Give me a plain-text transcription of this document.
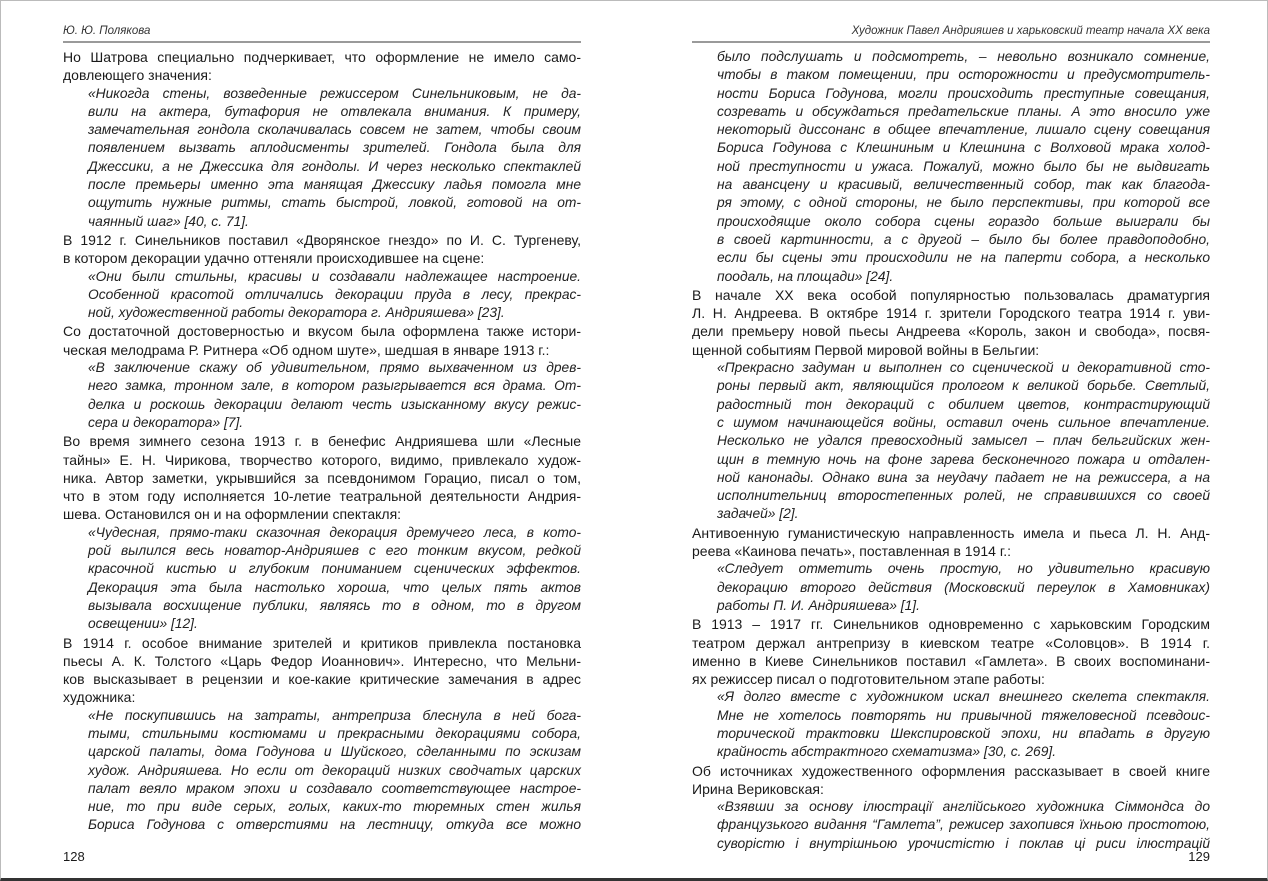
Ю. Ю. Полякова
Но Шатрова специально подчеркивает, что оформление не имело само-
довлеющего значения:
«Никогда стены, возведенные режиссером Синельниковым, не да-
вили на актера, бутафория не отвлекала внимания. К примеру,
замечательная гондола сколачивалась совсем не затем, чтобы своим
появлением вызвать аплодисменты зрителей. Гондола была для
Джессики, а не Джессика для гондолы. И через несколько спектаклей
после премьеры именно эта манящая Джессику ладья помогла мне
ощутить нужные ритмы, стать быстрой, ловкой, готовой на от-
чаянный шаг» [40, с. 71].
В 1912 г. Синельников поставил «Дворянское гнездо» по И. С. Тургеневу,
в котором декорации удачно оттеняли происходившее на сцене:
«Они были стильны, красивы и создавали надлежащее настроение.
Особенной красотой отличались декорации пруда в лесу, прекрас-
ной, художественной работы декоратора г. Андрияшева» [23].
Со достаточной достоверностью и вкусом была оформлена также истори-
ческая мелодрама Р. Ритнера «Об одном шуте», шедшая в январе 1913 г.:
«В заключение скажу об удивительном, прямо выхваченном из древ-
него замка, тронном зале, в котором разыгрывается вся драма. От-
делка и роскошь декорации делают честь изысканному вкусу режис-
сера и декоратора» [7].
Во время зимнего сезона 1913 г. в бенефис Андрияшева шли «Лесные
тайны» Е. Н. Чирикова, творчество которого, видимо, привлекало худож-
ника. Автор заметки, укрывшийся за псевдонимом Горацио, писал о том,
что в этом году исполняется 10-летие театральной деятельности Андрия-
шева. Остановился он и на оформлении спектакля:
«Чудесная, прямо-таки сказочная декорация дремучего леса, в кото-
рой вылился весь новатор-Андрияшев с его тонким вкусом, редкой
красочной кистью и глубоким пониманием сценических эффектов.
Декорация эта была настолько хороша, что целых пять актов
вызывала восхищение публики, являясь то в одном, то в другом
освещении» [12].
В 1914 г. особое внимание зрителей и критиков привлекла постановка
пьесы А. К. Толстого «Царь Федор Иоаннович». Интересно, что Мельни-
ков высказывает в рецензии и кое-какие критические замечания в адрес
художника:
«Не поскупившись на затраты, антреприза блеснула в ней бога-
тыми, стильными костюмами и прекрасными декорациями собора,
царской палаты, дома Годунова и Шуйского, сделанными по эскизам
худож. Андрияшева. Но если от декораций низких сводчатых царских
палат веяло мраком эпохи и создавало соответствующее настрое-
ние, то при виде серых, голых, каких-то тюремных стен жилья
Бориса Годунова с отверстиями на лестницу, откуда все можно
128
Художник Павел Андрияшев и харьковский театр начала XX века
было подслушать и подсмотреть, – невольно возникало сомнение,
чтобы в таком помещении, при осторожности и предусмотритель-
ности Бориса Годунова, могли происходить преступные совещания,
созревать и обсуждаться предательские планы. А это вносило уже
некоторый диссонанс в общее впечатление, лишало сцену совещания
Бориса Годунова с Клешниным и Клешнина с Волховой мрака холод-
ной преступности и ужаса. Пожалуй, можно было бы не выдвигать
на авансцену и красивый, величественный собор, так как благода-
ря этому, с одной стороны, не было перспективы, при которой все
происходящие около собора сцены гораздо больше выиграли бы
в своей картинности, а с другой – было бы более правдоподобно,
если бы сцены эти происходили не на паперти собора, а несколько
поодаль, на площади» [24].
В начале XX века особой популярностью пользовалась драматургия
Л. Н. Андреева. В октябре 1914 г. зрители Городского театра 1914 г. уви-
дели премьеру новой пьесы Андреева «Король, закон и свобода», посвя-
щенной событиям Первой мировой войны в Бельгии:
«Прекрасно задуман и выполнен со сценической и декоративной сто-
роны первый акт, являющийся прологом к великой борьбе. Светлый,
радостный тон декораций с обилием цветов, контрастирующий
с шумом начинающейся войны, оставил очень сильное впечатление.
Несколько не удался превосходный замысел – плач бельгийских жен-
щин в темную ночь на фоне зарева бесконечного пожара и отдален-
ной канонады. Однако вина за неудачу падает не на режиссера, а на
исполнительниц второстепенных ролей, не справившихся со своей
задачей» [2].
Антивоенную гуманистическую направленность имела и пьеса Л. Н. Анд-
реева «Каинова печать», поставленная в 1914 г.:
«Следует отметить очень простую, но удивительно красивую
декорацию второго действия (Московский переулок в Хамовниках)
работы П. И. Андрияшева» [1].
В 1913 – 1917 гг. Синельников одновременно с харьковским Городским
театром держал антрепризу в киевском театре «Соловцов». В 1914 г.
именно в Киеве Синельников поставил «Гамлета». В своих воспоминани-
ях режиссер писал о подготовительном этапе работы:
«Я долго вместе с художником искал внешнего скелета спектакля.
Мне не хотелось повторять ни привычной тяжеловесной псевдоис-
торической трактовки Шекспировской эпохи, ни впадать в другую
крайность абстрактного схематизма» [30, с. 269].
Об источниках художественного оформления рассказывает в своей книге
Ирина Вериковская:
«Взявши за основу ілюстрації англійського художника Сіммондса до
французького видання “Гамлета”, режисер захопився їхньою простотою,
суворістю і внутрішньою урочистістю і поклав ці риси ілюстрацій
129
